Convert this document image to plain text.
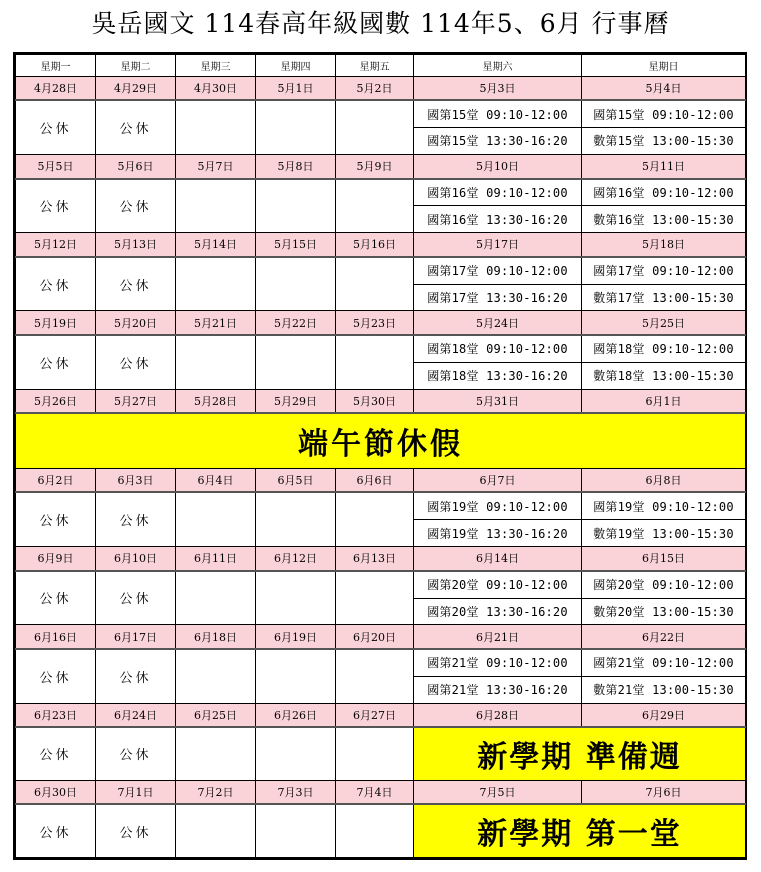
吳岳國文 114春高年級國數 114年5、6月 行事曆
星期一	星期二	星期三	星期四	星期五	星期六	星期日
4月28日	4月29日	4月30日	5月1日	5月2日	5月3日	5月4日
公休	公休				國第15堂 09:10-12:00	國第15堂 09:10-12:00
					國第15堂 13:30-16:20	數第15堂 13:00-15:30
5月5日	5月6日	5月7日	5月8日	5月9日	5月10日	5月11日
公休	公休				國第16堂 09:10-12:00	國第16堂 09:10-12:00
					國第16堂 13:30-16:20	數第16堂 13:00-15:30
5月12日	5月13日	5月14日	5月15日	5月16日	5月17日	5月18日
公休	公休				國第17堂 09:10-12:00	國第17堂 09:10-12:00
					國第17堂 13:30-16:20	數第17堂 13:00-15:30
5月19日	5月20日	5月21日	5月22日	5月23日	5月24日	5月25日
公休	公休				國第18堂 09:10-12:00	國第18堂 09:10-12:00
					國第18堂 13:30-16:20	數第18堂 13:00-15:30
5月26日	5月27日	5月28日	5月29日	5月30日	5月31日	6月1日
端午節休假						
6月2日	6月3日	6月4日	6月5日	6月6日	6月7日	6月8日
公休	公休				國第19堂 09:10-12:00	國第19堂 09:10-12:00
					國第19堂 13:30-16:20	數第19堂 13:00-15:30
6月9日	6月10日	6月11日	6月12日	6月13日	6月14日	6月15日
公休	公休				國第20堂 09:10-12:00	國第20堂 09:10-12:00
					國第20堂 13:30-16:20	數第20堂 13:00-15:30
6月16日	6月17日	6月18日	6月19日	6月20日	6月21日	6月22日
公休	公休				國第21堂 09:10-12:00	國第21堂 09:10-12:00
					國第21堂 13:30-16:20	數第21堂 13:00-15:30
6月23日	6月24日	6月25日	6月26日	6月27日	6月28日	6月29日
公休	公休				新學期 準備週	
6月30日	7月1日	7月2日	7月3日	7月4日	7月5日	7月6日
公休	公休				新學期 第一堂	
